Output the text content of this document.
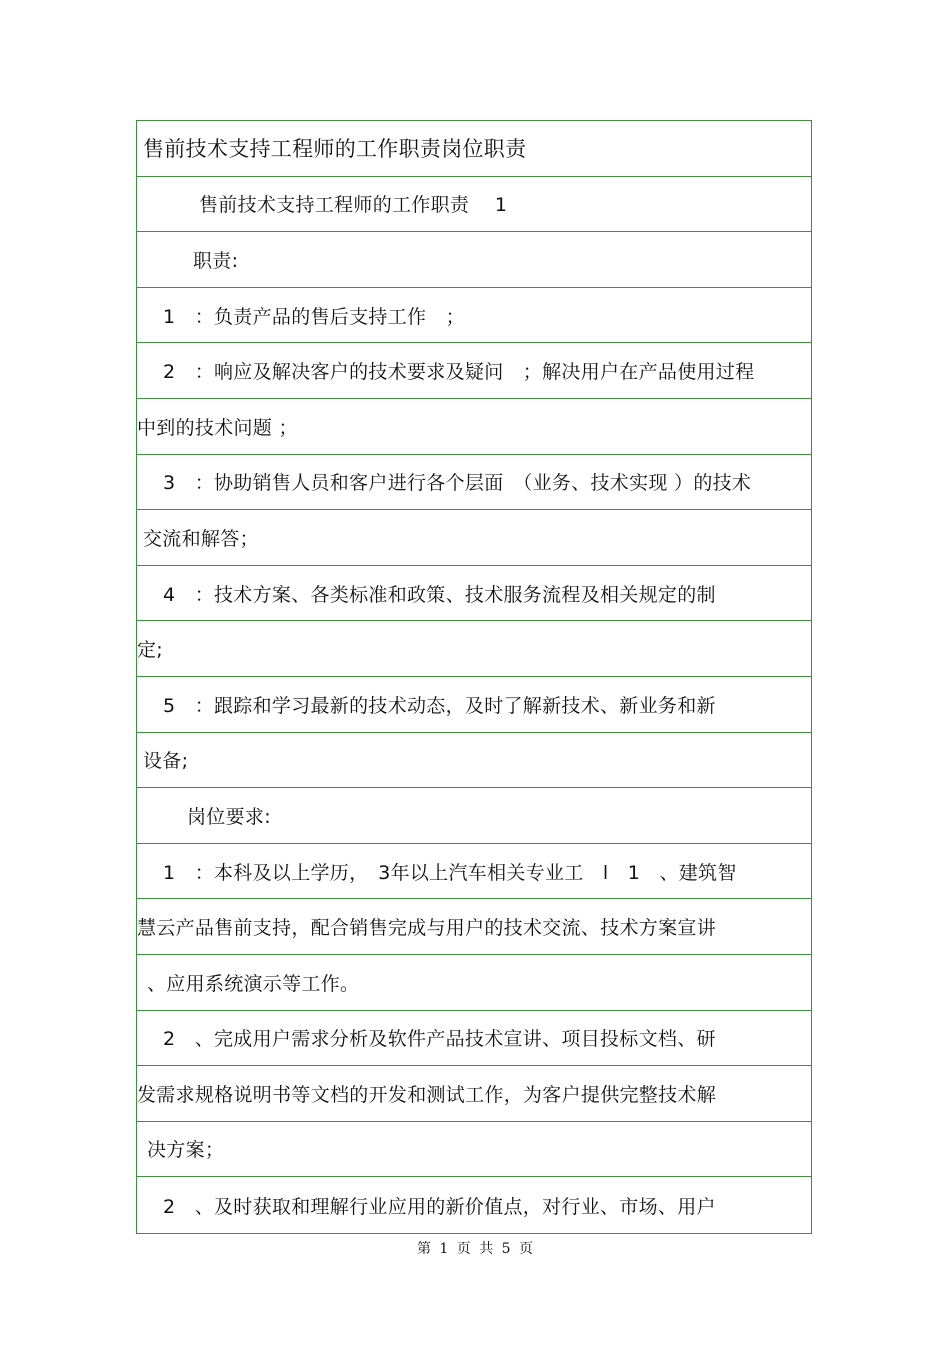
售前技术支持工程师的工作职责岗位职责
售前技术支持工程师的工作职责　 1
职责:
1　：负责产品的售后支持工作　；
2　：响应及解决客户的技术要求及疑问　；解决用户在产品使用过程
中到的技术问题 ；
3　：协助销售人员和客户进行各个层面　（业务、技术实现 ）的技术
交流和解答；
4　：技术方案、各类标准和政策、技术服务流程及相关规定的制
定;
5　：跟踪和学习最新的技术动态，及时了解新技术、新业务和新
设备;
岗位要求:
1　：本科及以上学历，　3年以上汽车相关专业工　l　1　、建筑智
慧云产品售前支持，配合销售完成与用户的技术交流、技术方案宣讲
、应用系统演示等工作。
2　、完成用户需求分析及软件产品技术宣讲、项目投标文档、研
发需求规格说明书等文档的开发和测试工作，为客户提供完整技术解
决方案；
2　、及时获取和理解行业应用的新价值点，对行业、市场、用户
第 1 页 共 5 页
